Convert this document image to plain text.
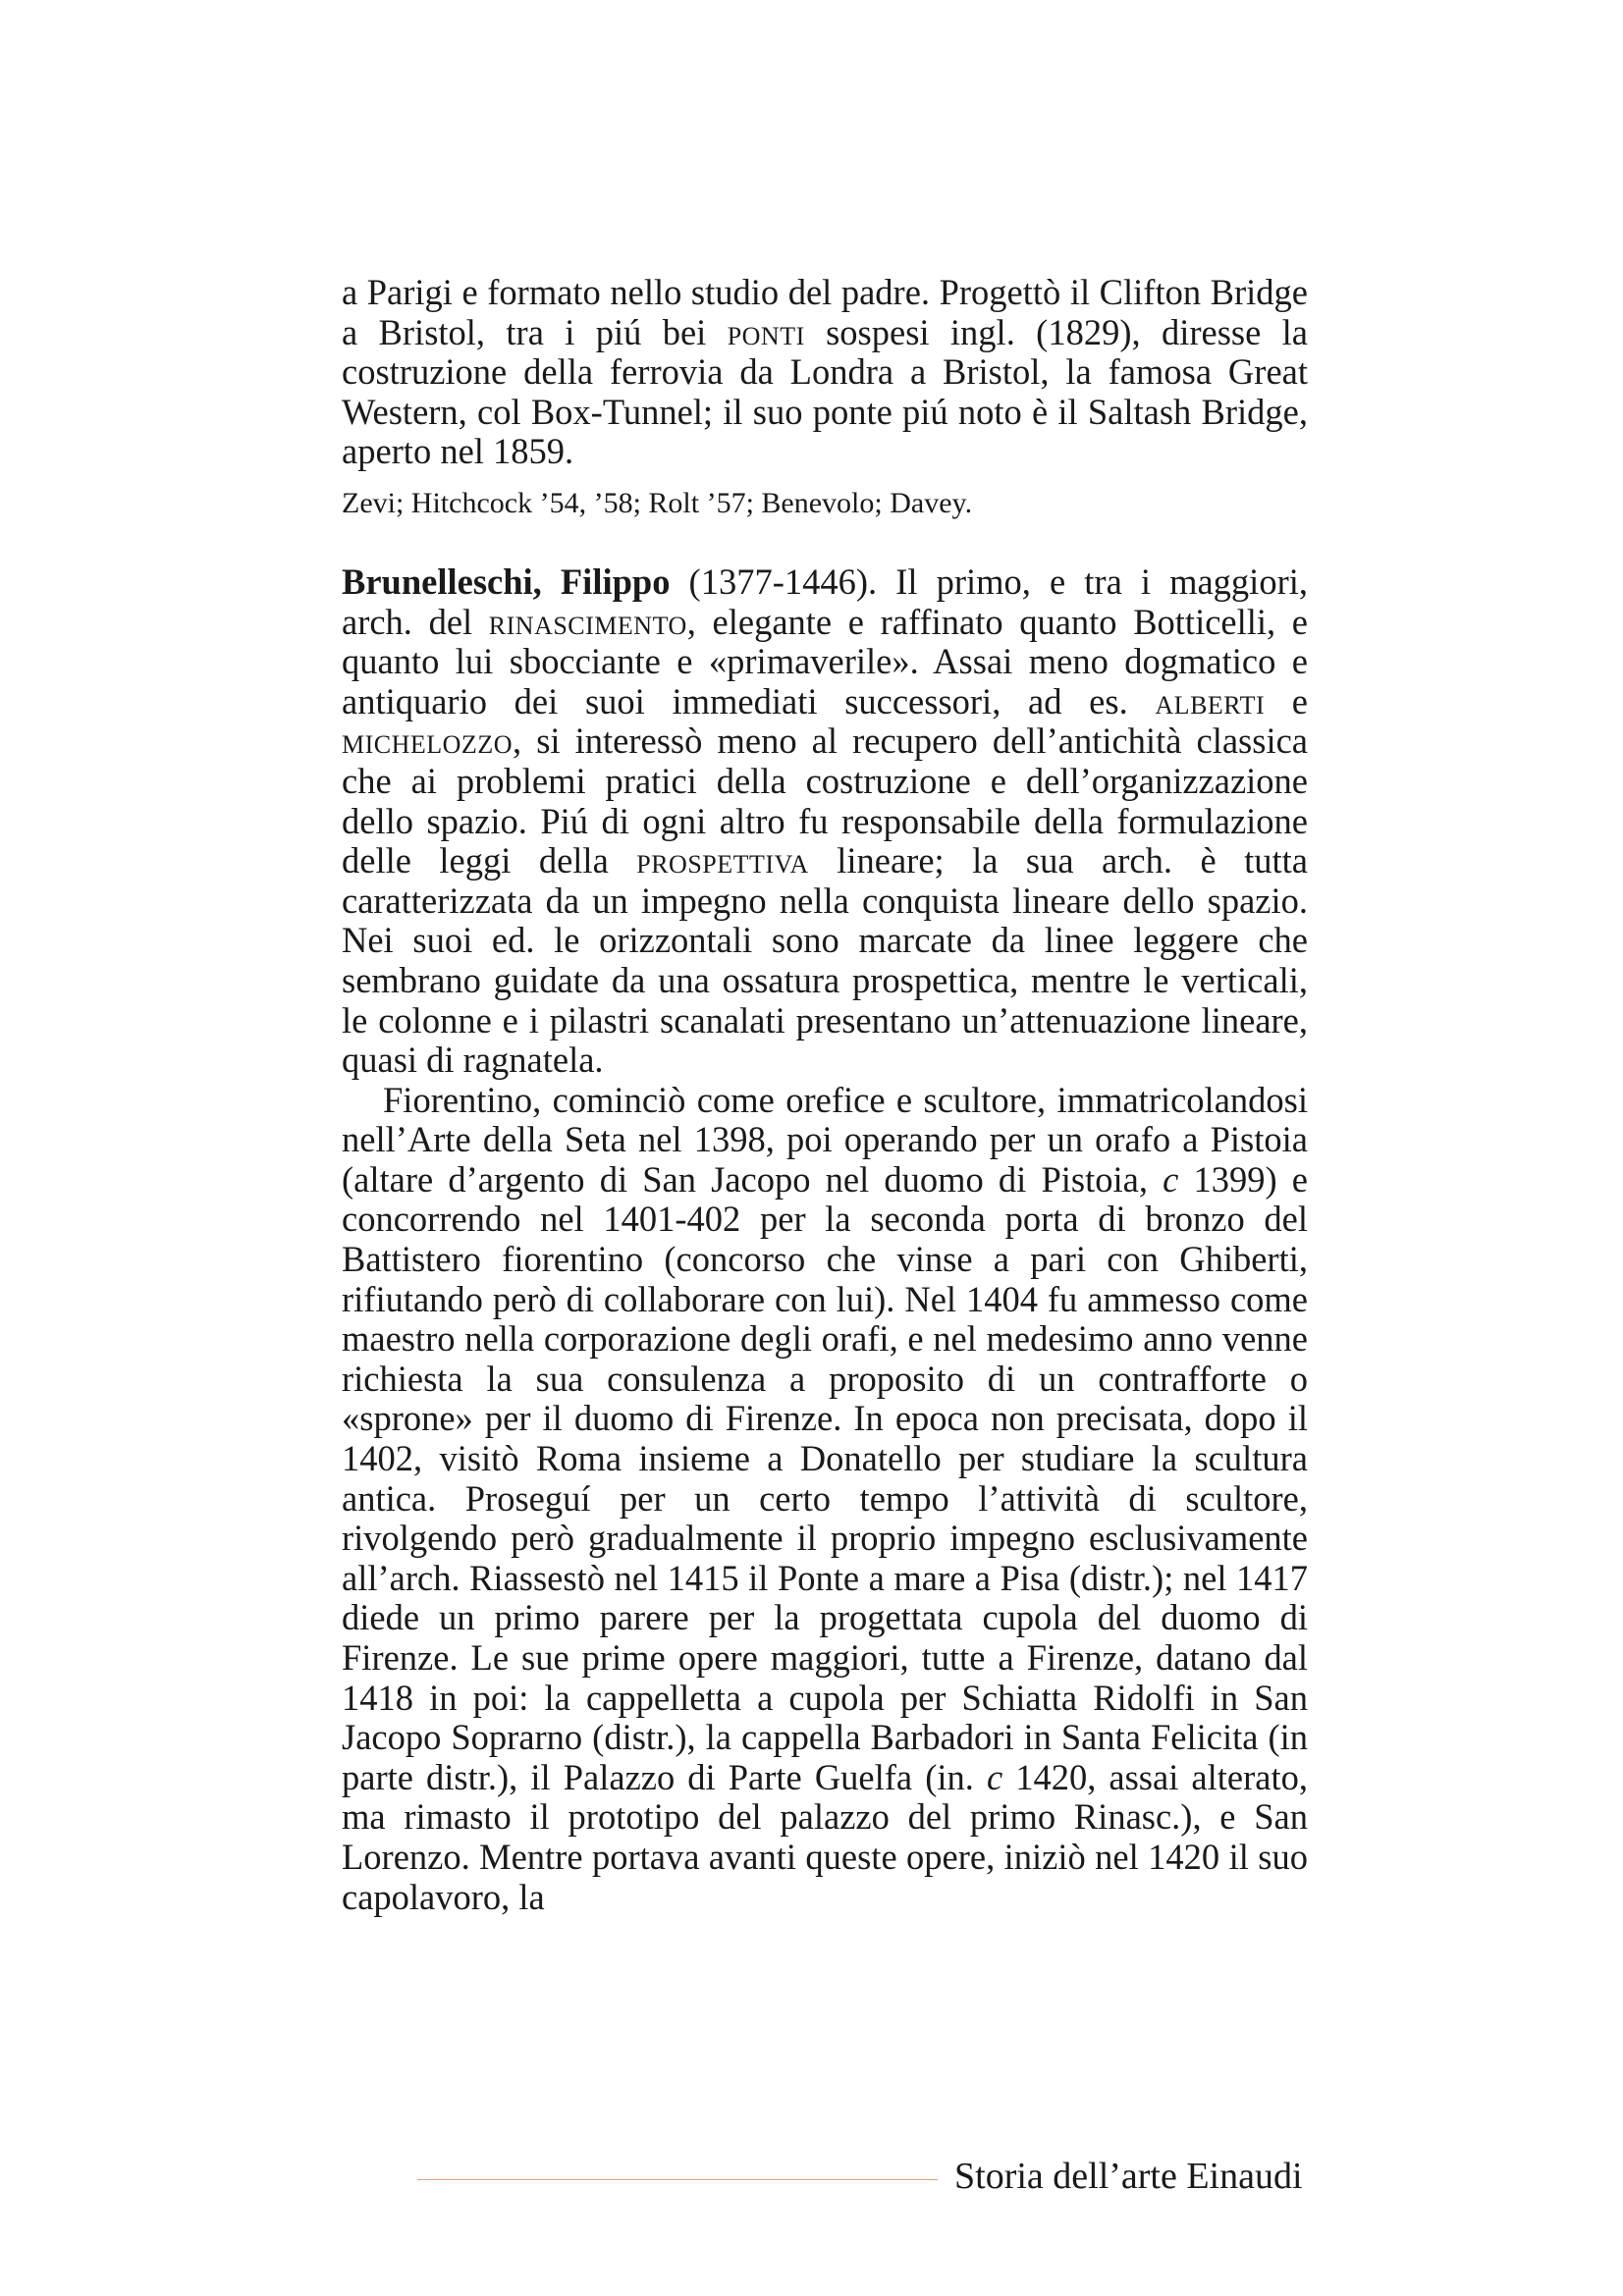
a Parigi e formato nello studio del padre. Progettò il Clifton Bridge a Bristol, tra i piú bei ponti sospesi ingl. (1829), diresse la costruzione della ferrovia da Londra a Bristol, la famosa Great Western, col Box-Tunnel; il suo ponte piú noto è il Saltash Bridge, aperto nel 1859.

Zevi; Hitchcock ’54, ’58; Rolt ’57; Benevolo; Davey.

Brunelleschi, Filippo (1377-1446). Il primo, e tra i maggiori, arch. del rinascimento, elegante e raffinato quanto Botticelli, e quanto lui sbocciante e «primaverile». Assai meno dogmatico e antiquario dei suoi immediati successori, ad es. alberti e michelozzo, si interessò meno al recupero dell’antichità classica che ai problemi pratici della costruzione e dell’organizzazione dello spazio. Piú di ogni altro fu responsabile della formulazione delle leggi della prospettiva lineare; la sua arch. è tutta caratterizzata da un impegno nella conquista lineare dello spazio. Nei suoi ed. le orizzontali sono marcate da linee leggere che sembrano guidate da una ossatura prospettica, mentre le verticali, le colonne e i pilastri scanalati presentano un’attenuazione lineare, quasi di ragnatela.

Fiorentino, cominciò come orefice e scultore, immatricolandosi nell’Arte della Seta nel 1398, poi operando per un orafo a Pistoia (altare d’argento di San Jacopo nel duomo di Pistoia, c 1399) e concorrendo nel 1401-402 per la seconda porta di bronzo del Battistero fiorentino (concorso che vinse a pari con Ghiberti, rifiutando però di collaborare con lui). Nel 1404 fu ammesso come maestro nella corporazione degli orafi, e nel medesimo anno venne richiesta la sua consulenza a proposito di un contrafforte o «sprone» per il duomo di Firenze. In epoca non precisata, dopo il 1402, visitò Roma insieme a Donatello per studiare la scultura antica. Proseguí per un certo tempo l’attività di scultore, rivolgendo però gradualmente il proprio impegno esclusivamente all’arch. Riassestò nel 1415 il Ponte a mare a Pisa (distr.); nel 1417 diede un primo parere per la progettata cupola del duomo di Firenze. Le sue prime opere maggiori, tutte a Firenze, datano dal 1418 in poi: la cappelletta a cupola per Schiatta Ridolfi in San Jacopo Soprarno (distr.), la cappella Barbadori in Santa Felicita (in parte distr.), il Palazzo di Parte Guelfa (in. c 1420, assai alterato, ma rimasto il prototipo del palazzo del primo Rinasc.), e San Lorenzo. Mentre portava avanti queste opere, iniziò nel 1420 il suo capolavoro, la

Storia dell’arte Einaudi
